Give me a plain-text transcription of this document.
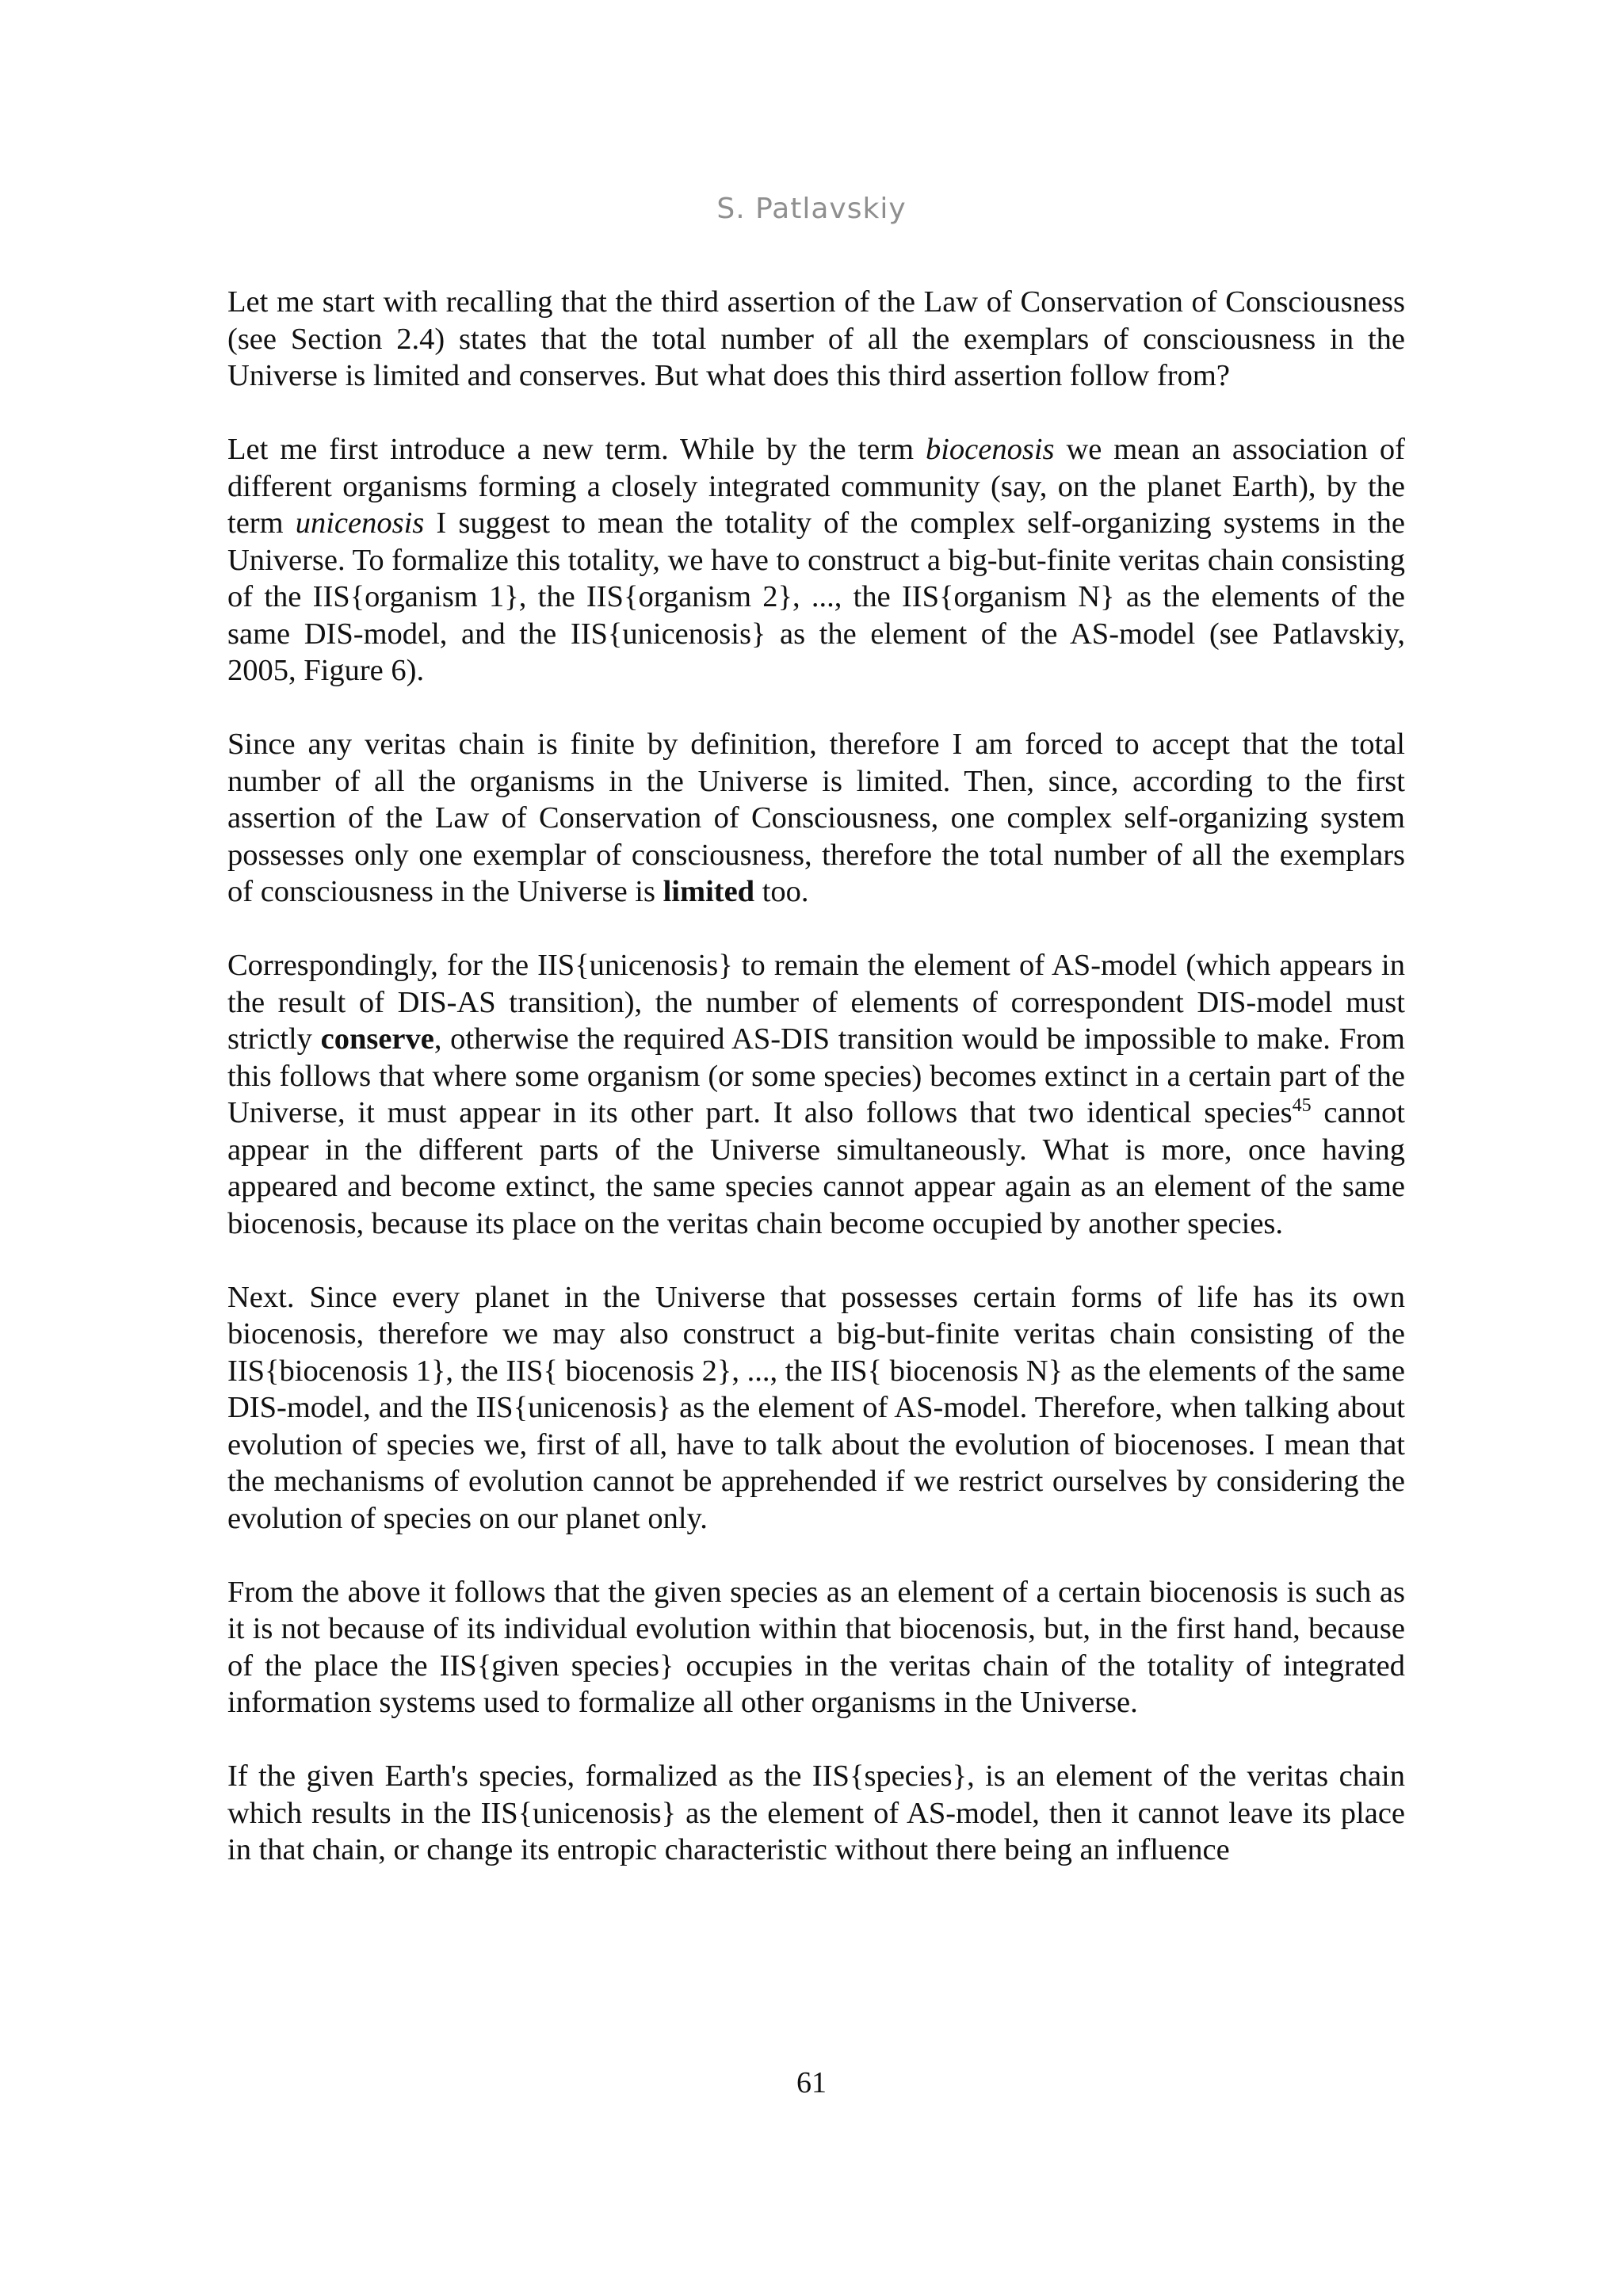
S. Patlavskiy

Let me start with recalling that the third assertion of the Law of Conservation of Consciousness (see Section 2.4) states that the total number of all the exemplars of consciousness in the Universe is limited and conserves. But what does this third assertion follow from?

Let me first introduce a new term. While by the term biocenosis we mean an association of different organisms forming a closely integrated community (say, on the planet Earth), by the term unicenosis I suggest to mean the totality of the complex self-organizing systems in the Universe. To formalize this totality, we have to construct a big-but-finite veritas chain consisting of the IIS{organism 1}, the IIS{organism 2}, ..., the IIS{organism N} as the elements of the same DIS-model, and the IIS{unicenosis} as the element of the AS-model (see Patlavskiy, 2005, Figure 6).

Since any veritas chain is finite by definition, therefore I am forced to accept that the total number of all the organisms in the Universe is limited. Then, since, according to the first assertion of the Law of Conservation of Consciousness, one complex self-organizing system possesses only one exemplar of consciousness, therefore the total number of all the exemplars of consciousness in the Universe is limited too.

Correspondingly, for the IIS{unicenosis} to remain the element of AS-model (which appears in the result of DIS-AS transition), the number of elements of correspondent DIS-model must strictly conserve, otherwise the required AS-DIS transition would be impossible to make. From this follows that where some organism (or some species) becomes extinct in a certain part of the Universe, it must appear in its other part. It also follows that two identical species$^{45}$ cannot appear in the different parts of the Universe simultaneously. What is more, once having appeared and become extinct, the same species cannot appear again as an element of the same biocenosis, because its place on the veritas chain become occupied by another species.

Next. Since every planet in the Universe that possesses certain forms of life has its own biocenosis, therefore we may also construct a big-but-finite veritas chain consisting of the IIS{biocenosis 1}, the IIS{ biocenosis 2}, ..., the IIS{ biocenosis N} as the elements of the same DIS-model, and the IIS{unicenosis} as the element of AS-model. Therefore, when talking about evolution of species we, first of all, have to talk about the evolution of biocenoses. I mean that the mechanisms of evolution cannot be apprehended if we restrict ourselves by considering the evolution of species on our planet only.

From the above it follows that the given species as an element of a certain biocenosis is such as it is not because of its individual evolution within that biocenosis, but, in the first hand, because of the place the IIS{given species} occupies in the veritas chain of the totality of integrated information systems used to formalize all other organisms in the Universe.

If the given Earth's species, formalized as the IIS{species}, is an element of the veritas chain which results in the IIS{unicenosis} as the element of AS-model, then it cannot leave its place in that chain, or change its entropic characteristic without there being an influence

61
